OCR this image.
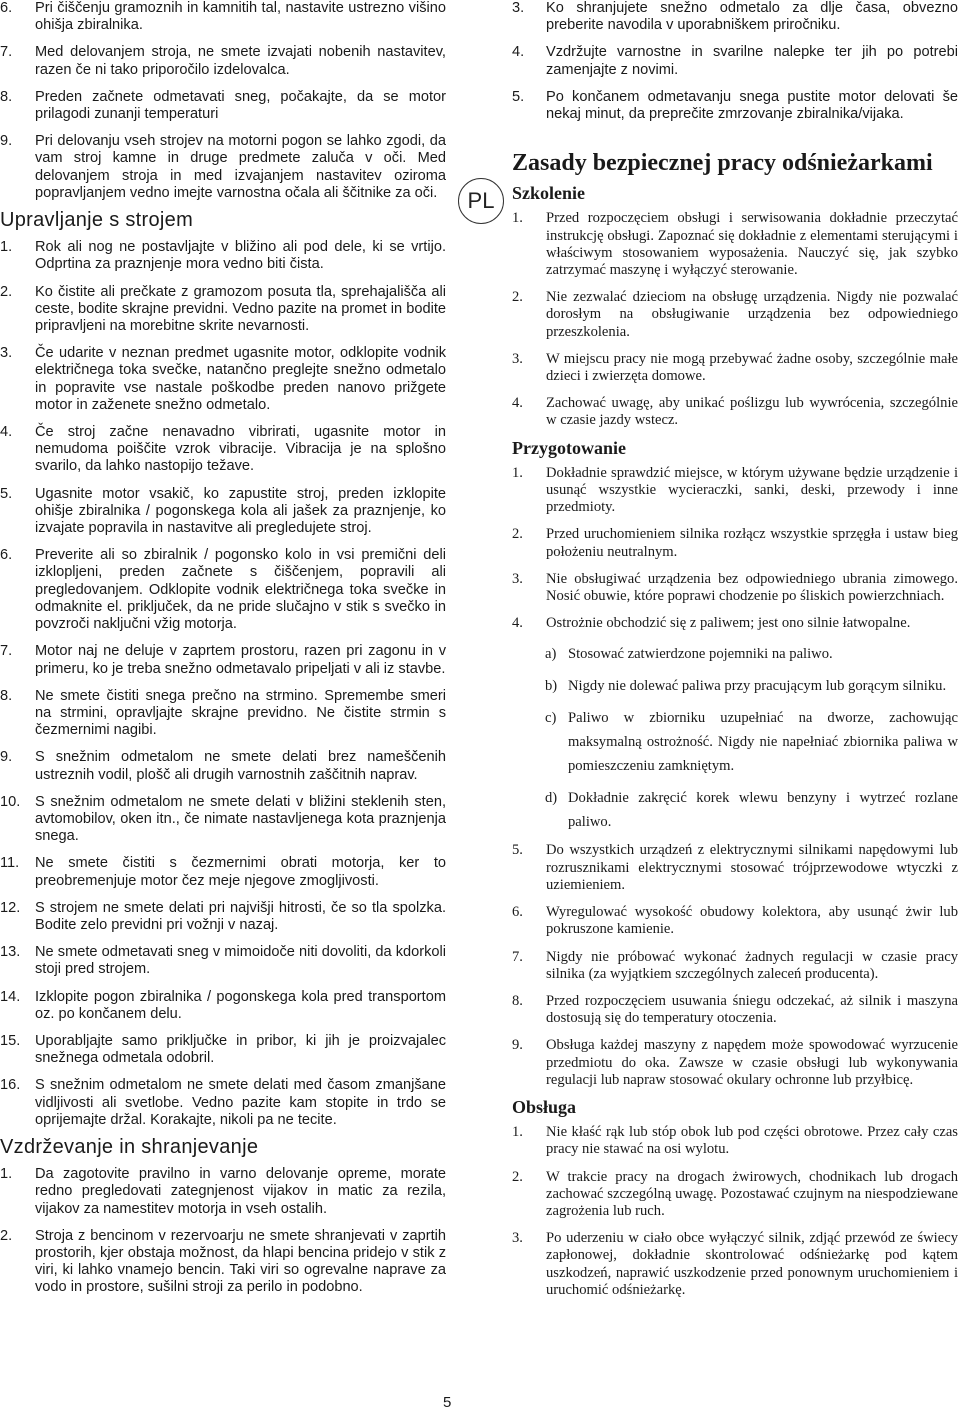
6. Pri čiščenju gramoznih in kamnitih tal, nastavite ustrezno višino ohišja zbiralnika.
7. Med delovanjem stroja, ne smete izvajati nobenih nastavitev, razen če ni tako priporočilo izdelovalca.
8. Preden začnete odmetavati sneg, počakajte, da se motor prilagodi zunanji temperaturi
9. Pri delovanju vseh strojev na motorni pogon se lahko zgodi, da vam stroj kamne in druge predmete zaluča v oči. Med delovanjem stroja in med izvajanjem nastavitev oziroma popravljanjem vedno imejte varnostna očala ali ščitnike za oči.
Upravljanje s strojem
1. Rok ali nog ne postavljajte v bližino ali pod dele, ki se vrtijo. Odprtina za praznjenje mora vedno biti čista.
2. Ko čistite ali prečkate z gramozom posuta tla, sprehajališča ali ceste, bodite skrajne previdni. Vedno pazite na promet in bodite pripravljeni na morebitne skrite nevarnosti.
3. Če udarite v neznan predmet ugasnite motor, odklopite vodnik električnega toka svečke, natančno preglejte snežno odmetalo in popravite vse nastale poškodbe preden nanovo prižgete motor in zaženete snežno odmetalo.
4. Če stroj začne nenavadno vibrirati, ugasnite motor in nemudoma poiščite vzrok vibracije. Vibracija je na splošno svarilo, da lahko nastopijo težave.
5. Ugasnite motor vsakič, ko zapustite stroj, preden izklopite ohišje zbiralnika / pogonskega kola ali jašek za praznjenje, ko izvajate popravila in nastavitve ali pregledujete stroj.
6. Preverite ali so zbiralnik / pogonsko kolo in vsi premični deli izklopljeni, preden začnete s čiščenjem, popravili ali pregledovanjem. Odklopite vodnik električnega toka svečke in odmaknite el. priključek, da ne pride slučajno v stik s svečko in povzroči naključni vžig motorja.
7. Motor naj ne deluje v zaprtem prostoru, razen pri zagonu in v primeru, ko je treba snežno odmetavalo pripeljati v ali iz stavbe.
8. Ne smete čistiti snega prečno na strmino. Spremembe smeri na strmini, opravljajte skrajne previdno. Ne čistite strmin s čezmernimi nagibi.
9. S snežnim odmetalom ne smete delati brez nameščenih ustreznih vodil, plošč ali drugih varnostnih zaščitnih naprav.
10. S snežnim odmetalom ne smete delati v bližini steklenih sten, avtomobilov, oken itn., če nimate nastavljenega kota praznjenja snega.
11. Ne smete čistiti s čezmernimi obrati motorja, ker to preobremenjuje motor čez meje njegove zmogljivosti.
12. S strojem ne smete delati pri najvišji hitrosti, če so tla spolzka. Bodite zelo previdni pri vožnji v nazaj.
13. Ne smete odmetavati sneg v mimoidoče niti dovoliti, da kdorkoli stoji pred strojem.
14. Izklopite pogon zbiralnika / pogonskega kola pred transportom oz. po končanem delu.
15. Uporabljajte samo priključke in pribor, ki jih je proizvajalec snežnega odmetala odobril.
16. S snežnim odmetalom ne smete delati med časom zmanjšane vidljivosti ali svetlobe. Vedno pazite kam stopite in trdo se oprijemajte držal. Korakajte, nikoli pa ne tecite.
Vzdrževanje in shranjevanje
1. Da zagotovite pravilno in varno delovanje opreme, morate redno pregledovati zategnjenost vijakov in matic za rezila, vijakov za namestitev motorja in vseh ostalih.
2. Stroja z bencinom v rezervoarju ne smete shranjevati v zaprtih prostorih, kjer obstaja možnost, da hlapi bencina pridejo v stik z viri, ki lahko vnamejo bencin. Taki viri so ogrevalne naprave za vodo in prostore, sušilni stroji za perilo in podobno.
PL
3. Ko shranjujete snežno odmetalo za dlje časa, obvezno preberite navodila v uporabniškem priročniku.
4. Vzdržujte varnostne in svarilne nalepke ter jih po potrebi zamenjajte z novimi.
5. Po končanem odmetavanju snega pustite motor delovati še nekaj minut, da preprečite zmrzovanje zbiralnika/vijaka.
Zasady bezpiecznej pracy odśnieżarkami
Szkolenie
1. Przed rozpoczęciem obsługi i serwisowania dokładnie przeczytać instrukcję obsługi. Zapoznać się dokładnie z elementami sterującymi i właściwym stosowaniem wyposażenia. Nauczyć się, jak szybko zatrzymać maszynę i wyłączyć sterowanie.
2. Nie zezwalać dzieciom na obsługę urządzenia. Nigdy nie pozwalać dorosłym na obsługiwanie urządzenia bez odpowiedniego przeszkolenia.
3. W miejscu pracy nie mogą przebywać żadne osoby, szczególnie małe dzieci i zwierzęta domowe.
4. Zachować uwagę, aby unikać poślizgu lub wywrócenia, szczególnie w czasie jazdy wstecz.
Przygotowanie
1. Dokładnie sprawdzić miejsce, w którym używane będzie urządzenie i usunąć wszystkie wycieraczki, sanki, deski, przewody i inne przedmioty.
2. Przed uruchomieniem silnika rozłącz wszystkie sprzęgła i ustaw bieg położeniu neutralnym.
3. Nie obsługiwać urządzenia bez odpowiedniego ubrania zimowego. Nosić obuwie, które poprawi chodzenie po śliskich powierzchniach.
4. Ostrożnie obchodzić się z paliwem; jest ono silnie łatwopalne.
a) Stosować zatwierdzone pojemniki na paliwo.
b) Nigdy nie dolewać paliwa przy pracującym lub gorącym silniku.
c) Paliwo w zbiorniku uzupełniać na dworze, zachowując maksymalną ostrożność. Nigdy nie napełniać zbiornika paliwa w pomieszczeniu zamkniętym.
d) Dokładnie zakręcić korek wlewu benzyny i wytrzeć rozlane paliwo.
5. Do wszystkich urządzeń z elektrycznymi silnikami napędowymi lub rozrusznikami elektrycznymi stosować trójprzewodowe wtyczki z uziemieniem.
6. Wyregulować wysokość obudowy kolektora, aby usunąć żwir lub pokruszone kamienie.
7. Nigdy nie próbować wykonać żadnych regulacji w czasie pracy silnika (za wyjątkiem szczególnych zaleceń producenta).
8. Przed rozpoczęciem usuwania śniegu odczekać, aż silnik i maszyna dostosują się do temperatury otoczenia.
9. Obsługa każdej maszyny z napędem może spowodować wyrzucenie przedmiotu do oka. Zawsze w czasie obsługi lub wykonywania regulacji lub napraw stosować okulary ochronne lub przyłbicę.
Obsługa
1. Nie kłaść rąk lub stóp obok lub pod części obrotowe. Przez cały czas pracy nie stawać na osi wylotu.
2. W trakcie pracy na drogach żwirowych, chodnikach lub drogach zachować szczególną uwagę. Pozostawać czujnym na niespodziewane zagrożenia lub ruch.
3. Po uderzeniu w ciało obce wyłączyć silnik, zdjąć przewód ze świecy zapłonowej, dokładnie skontrolować odśnieżarkę pod kątem uszkodzeń, naprawić uszkodzenie przed ponownym uruchomieniem i uruchomić odśnieżarkę.
5
